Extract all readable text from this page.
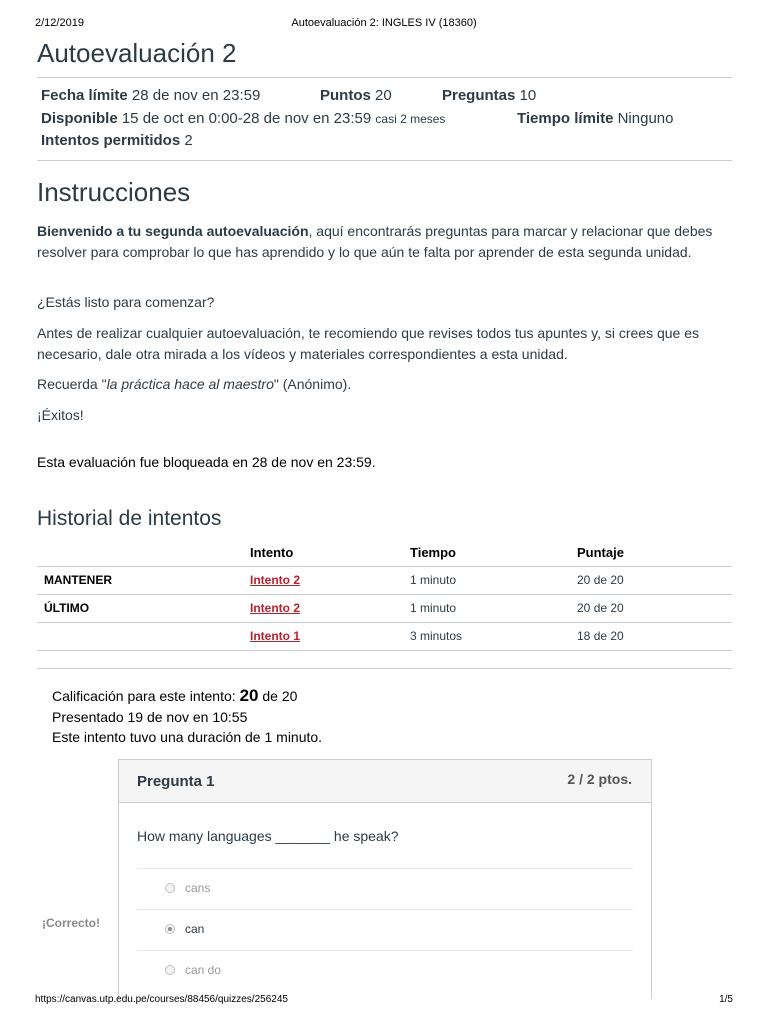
2/12/2019	Autoevaluación 2: INGLES IV (18360)
Autoevaluación 2
Fecha límite 28 de nov en 23:59	Puntos 20	Preguntas 10
Disponible 15 de oct en 0:00-28 de nov en 23:59 casi 2 meses	Tiempo límite Ninguno
Intentos permitidos 2
Instrucciones

Bienvenido a tu segunda autoevaluación, aquí encontrarás preguntas para marcar y relacionar que debes resolver para comprobar lo que has aprendido y lo que aún te falta por aprender de esta segunda unidad.

¿Estás listo para comenzar?

Antes de realizar cualquier autoevaluación, te recomiendo que revises todos tus apuntes y, si crees que es necesario, dale otra mirada a los vídeos y materiales correspondientes a esta unidad.

Recuerda "la práctica hace al maestro" (Anónimo).

¡Éxitos!

Esta evaluación fue bloqueada en 28 de nov en 23:59.
Historial de intentos
	Intento	Tiempo	Puntaje
MANTENER	Intento 2	1 minuto	20 de 20
ÚLTIMO	Intento 2	1 minuto	20 de 20
	Intento 1	3 minutos	18 de 20
Calificación para este intento: 20 de 20
Presentado 19 de nov en 10:55
Este intento tuvo una duración de 1 minuto.
¡Correcto!
Pregunta 1	2 / 2 ptos.
How many languages _______ he speak?
cans
can
can do
https://canvas.utp.edu.pe/courses/88456/quizzes/256245	1/5
